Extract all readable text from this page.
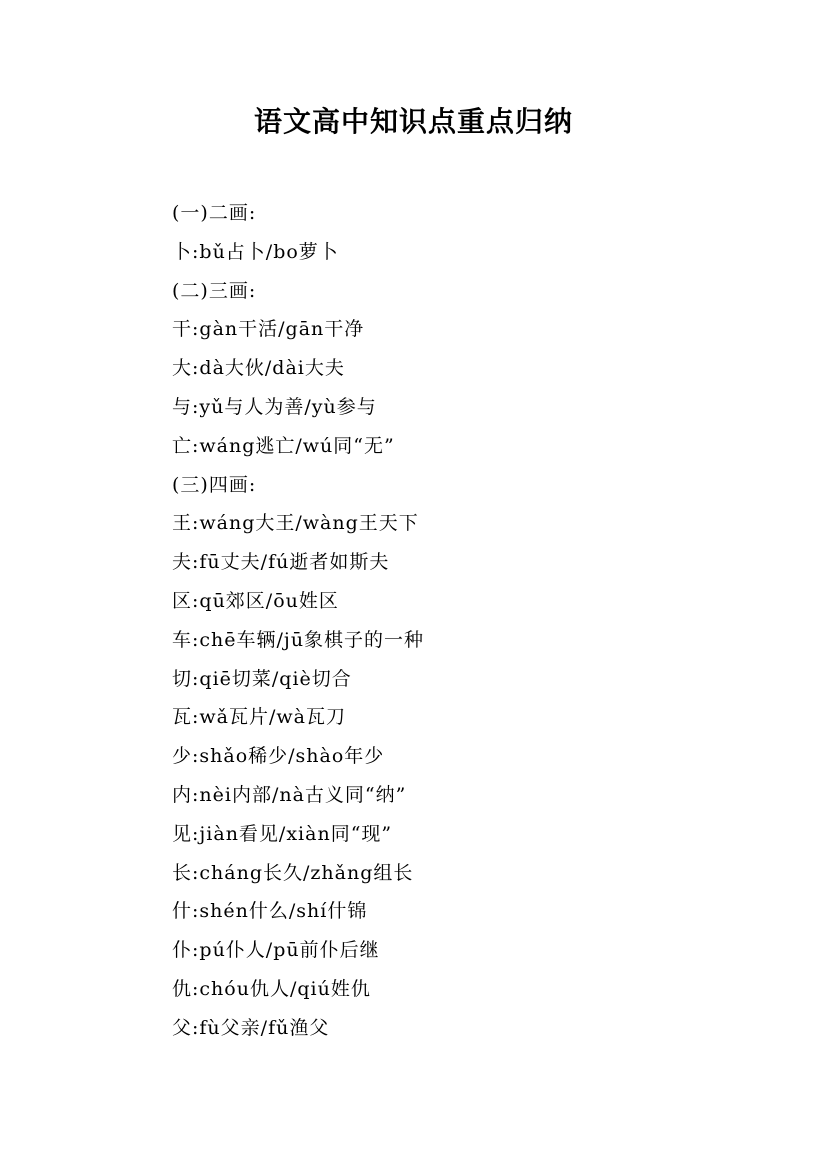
语文高中知识点重点归纳
(一)二画:
卜:bǔ占卜/bo萝卜
(二)三画:
干:gàn干活/gān干净
大:dà大伙/dài大夫
与:yǔ与人为善/yù参与
亡:wáng逃亡/wú同“无”
(三)四画:
王:wáng大王/wàng王天下
夫:fū丈夫/fú逝者如斯夫
区:qū郊区/ōu姓区
车:chē车辆/jū象棋子的一种
切:qiē切菜/qiè切合
瓦:wǎ瓦片/wà瓦刀
少:shǎo稀少/shào年少
内:nèi内部/nà古义同“纳”
见:jiàn看见/xiàn同“现”
长:cháng长久/zhǎng组长
什:shén什么/shí什锦
仆:pú仆人/pū前仆后继
仇:chóu仇人/qiú姓仇
父:fù父亲/fǔ渔父
